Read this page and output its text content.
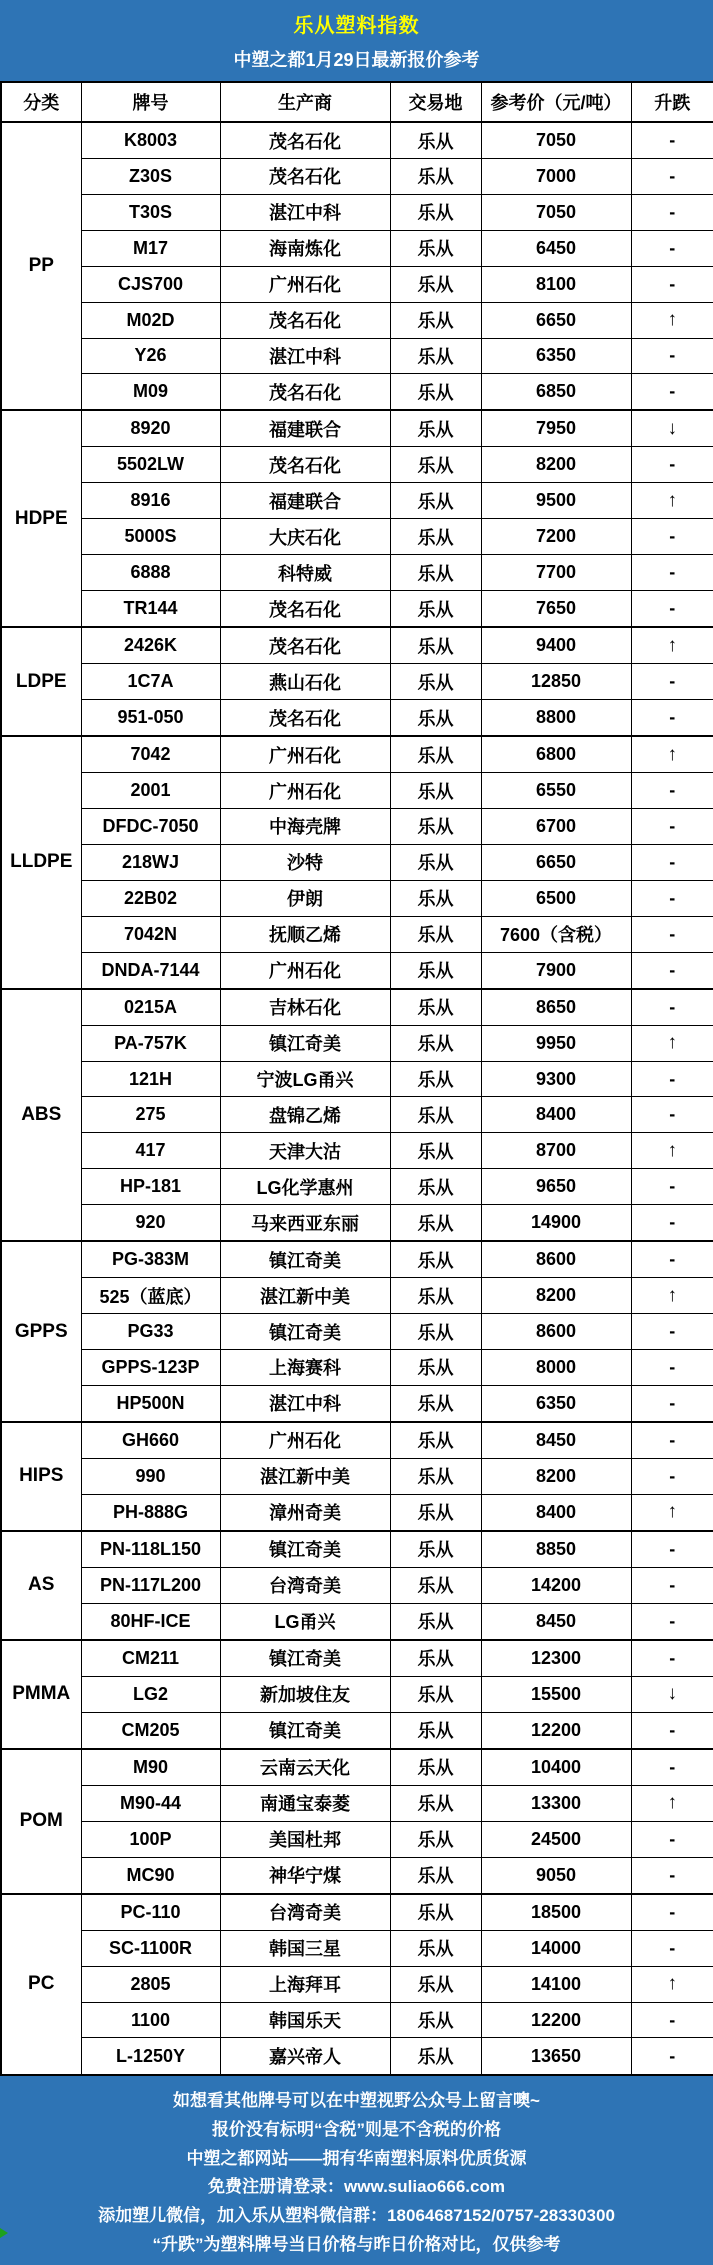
乐从塑料指数
中塑之都1月29日最新报价参考
分类	牌号	生产商	交易地	参考价（元/吨）	升跌
PP	K8003	茂名石化	乐从	7050	-
	Z30S	茂名石化	乐从	7000	-
	T30S	湛江中科	乐从	7050	-
	M17	海南炼化	乐从	6450	-
	CJS700	广州石化	乐从	8100	-
	M02D	茂名石化	乐从	6650	↑
	Y26	湛江中科	乐从	6350	-
	M09	茂名石化	乐从	6850	-
HDPE	8920	福建联合	乐从	7950	↓
	5502LW	茂名石化	乐从	8200	-
	8916	福建联合	乐从	9500	↑
	5000S	大庆石化	乐从	7200	-
	6888	科特威	乐从	7700	-
	TR144	茂名石化	乐从	7650	-
LDPE	2426K	茂名石化	乐从	9400	↑
	1C7A	燕山石化	乐从	12850	-
	951-050	茂名石化	乐从	8800	-
LLDPE	7042	广州石化	乐从	6800	↑
	2001	广州石化	乐从	6550	-
	DFDC-7050	中海壳牌	乐从	6700	-
	218WJ	沙特	乐从	6650	-
	22B02	伊朗	乐从	6500	-
	7042N	抚顺乙烯	乐从	7600（含税）	-
	DNDA-7144	广州石化	乐从	7900	-
ABS	0215A	吉林石化	乐从	8650	-
	PA-757K	镇江奇美	乐从	9950	↑
	121H	宁波LG甬兴	乐从	9300	-
	275	盘锦乙烯	乐从	8400	-
	417	天津大沽	乐从	8700	↑
	HP-181	LG化学惠州	乐从	9650	-
	920	马来西亚东丽	乐从	14900	-
GPPS	PG-383M	镇江奇美	乐从	8600	-
	525（蓝底）	湛江新中美	乐从	8200	↑
	PG33	镇江奇美	乐从	8600	-
	GPPS-123P	上海赛科	乐从	8000	-
	HP500N	湛江中科	乐从	6350	-
HIPS	GH660	广州石化	乐从	8450	-
	990	湛江新中美	乐从	8200	-
	PH-888G	漳州奇美	乐从	8400	↑
AS	PN-118L150	镇江奇美	乐从	8850	-
	PN-117L200	台湾奇美	乐从	14200	-
	80HF-ICE	LG甬兴	乐从	8450	-
PMMA	CM211	镇江奇美	乐从	12300	-
	LG2	新加坡住友	乐从	15500	↓
	CM205	镇江奇美	乐从	12200	-
POM	M90	云南云天化	乐从	10400	-
	M90-44	南通宝泰菱	乐从	13300	↑
	100P	美国杜邦	乐从	24500	-
	MC90	神华宁煤	乐从	9050	-
PC	PC-110	台湾奇美	乐从	18500	-
	SC-1100R	韩国三星	乐从	14000	-
	2805	上海拜耳	乐从	14100	↑
	1100	韩国乐天	乐从	12200	-
	L-1250Y	嘉兴帝人	乐从	13650	-
如想看其他牌号可以在中塑视野公众号上留言噢~
报价没有标明“含税”则是不含税的价格
中塑之都网站——拥有华南塑料原料优质货源
免费注册请登录：www.suliao666.com
添加塑儿微信，加入乐从塑料微信群：18064687152/0757-28330300
“升跌”为塑料牌号当日价格与昨日价格对比，仅供参考
